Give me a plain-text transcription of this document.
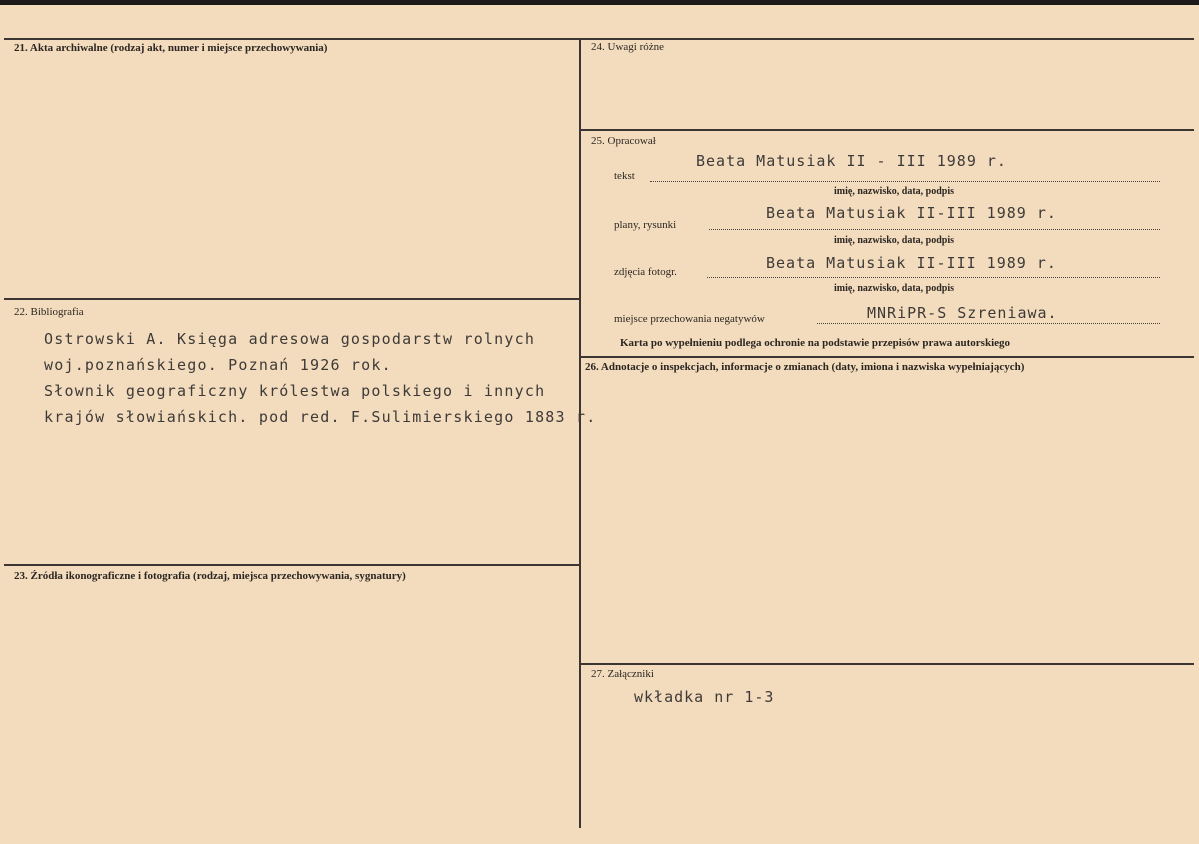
21. Akta archiwalne (rodzaj akt, numer i miejsce przechowywania)
22. Bibliografia
Ostrowski A. Księga adresowa gospodarstw rolnych
woj.poznańskiego. Poznań 1926 rok.
Słownik geograficzny królestwa polskiego i innych
krajów słowiańskich. pod red. F.Sulimierskiego 1883 r.
23. Źródła ikonograficzne i fotografia (rodzaj, miejsca przechowywania, sygnatury)
24. Uwagi różne
25. Opracował
tekst
Beata Matusiak II - III 1989 r.
imię, nazwisko, data, podpis
plany, rysunki
Beata Matusiak II-III 1989 r.
imię, nazwisko, data, podpis
zdjęcia fotogr.	Beata Matusiak II-III 1989 r.
imię, nazwisko, data, podpis
miejsce przechowania negatywów	MNRiPR-S Szreniawa.
Karta po wypełnieniu podlega ochronie na podstawie przepisów prawa autorskiego
26. Adnotacje o inspekcjach, informacje o zmianach (daty, imiona i nazwiska wypełniających)
27. Załączniki
wkładka nr 1-3
